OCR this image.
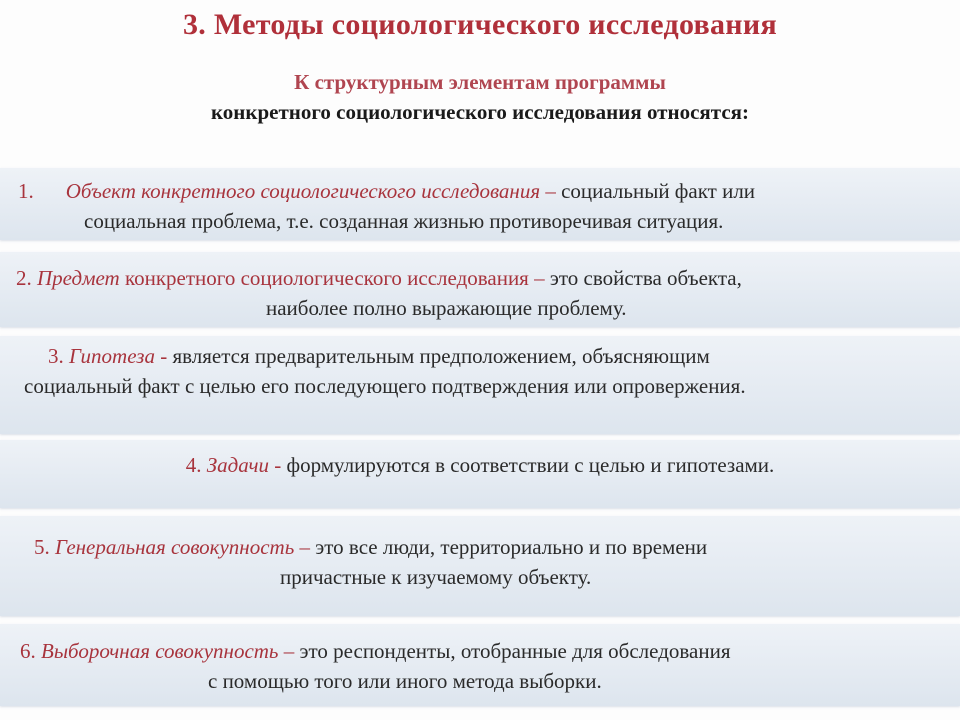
3. Методы социологического исследования
К структурным элементам программы
конкретного социологического исследования относятся:
1. Объект конкретного социологического исследования – социальный факт или
социальная проблема, т.е. созданная жизнью противоречивая ситуация.
2. Предмет конкретного социологического исследования – это свойства объекта,
наиболее полно выражающие проблему.
3. Гипотеза - является предварительным предположением, объясняющим
социальный факт с целью его последующего подтверждения или опровержения.
4. Задачи - формулируются в соответствии с целью и гипотезами.
5. Генеральная совокупность – это все люди, территориально и по времени
причастные к изучаемому объекту.
6. Выборочная совокупность – это респонденты, отобранные для обследования
с помощью того или иного метода выборки.
